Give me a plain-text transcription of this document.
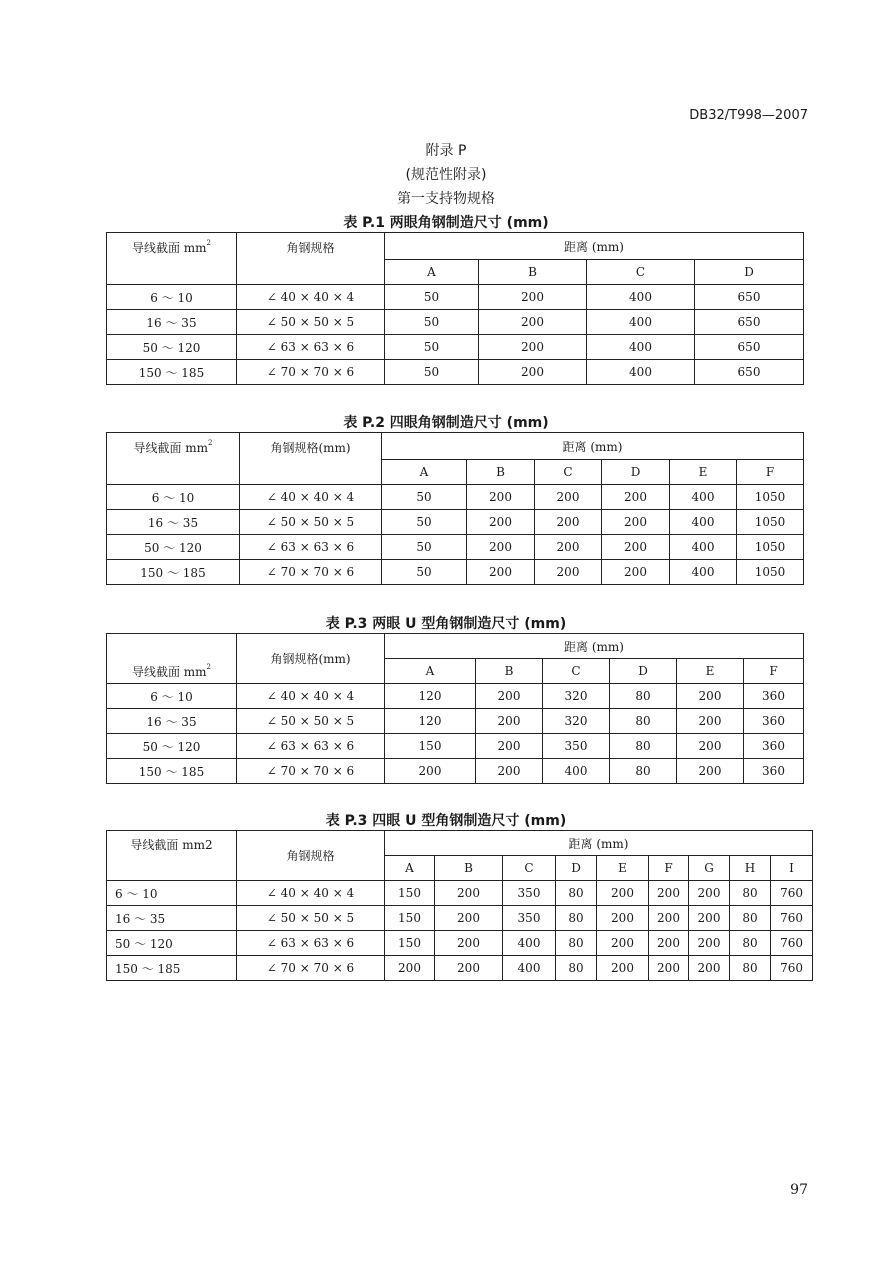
DB32/T998—2007
附录 P
(规范性附录)
第一支持物规格
表 P.1 两眼角钢制造尺寸 (mm)
导线截面 $mm^2$	角钢规格	距离 (mm)			
		A	B	C	D
6 ～ 10	∠ 40 × 40 × 4	50	200	400	650
16 ～ 35	∠ 50 × 50 × 5	50	200	400	650
50 ～ 120	∠ 63 × 63 × 6	50	200	400	650
150 ～ 185	∠ 70 × 70 × 6	50	200	400	650
表 P.2 四眼角钢制造尺寸 (mm)
导线截面 $mm^2$	角钢规格(mm)	距离 (mm)					
		A	B	C	D	E	F
6 ～ 10	∠ 40 × 40 × 4	50	200	200	200	400	1050
16 ～ 35	∠ 50 × 50 × 5	50	200	200	200	400	1050
50 ～ 120	∠ 63 × 63 × 6	50	200	200	200	400	1050
150 ～ 185	∠ 70 × 70 × 6	50	200	200	200	400	1050
表 P.3 两眼 U 型角钢制造尺寸 (mm)
导线截面 $mm^2$	角钢规格(mm)	距离 (mm)					
		A	B	C	D	E	F
6 ～ 10	∠ 40 × 40 × 4	120	200	320	80	200	360
16 ～ 35	∠ 50 × 50 × 5	120	200	320	80	200	360
50 ～ 120	∠ 63 × 63 × 6	150	200	350	80	200	360
150 ～ 185	∠ 70 × 70 × 6	200	200	400	80	200	360
表 P.3 四眼 U 型角钢制造尺寸 (mm)
导线截面 mm2	角钢规格	距离 (mm)								
		A	B	C	D	E	F	G	H	I
6 ～ 10	∠ 40 × 40 × 4	150	200	350	80	200	200	200	80	760
16 ～ 35	∠ 50 × 50 × 5	150	200	350	80	200	200	200	80	760
50 ～ 120	∠ 63 × 63 × 6	150	200	400	80	200	200	200	80	760
150 ～ 185	∠ 70 × 70 × 6	200	200	400	80	200	200	200	80	760
97
